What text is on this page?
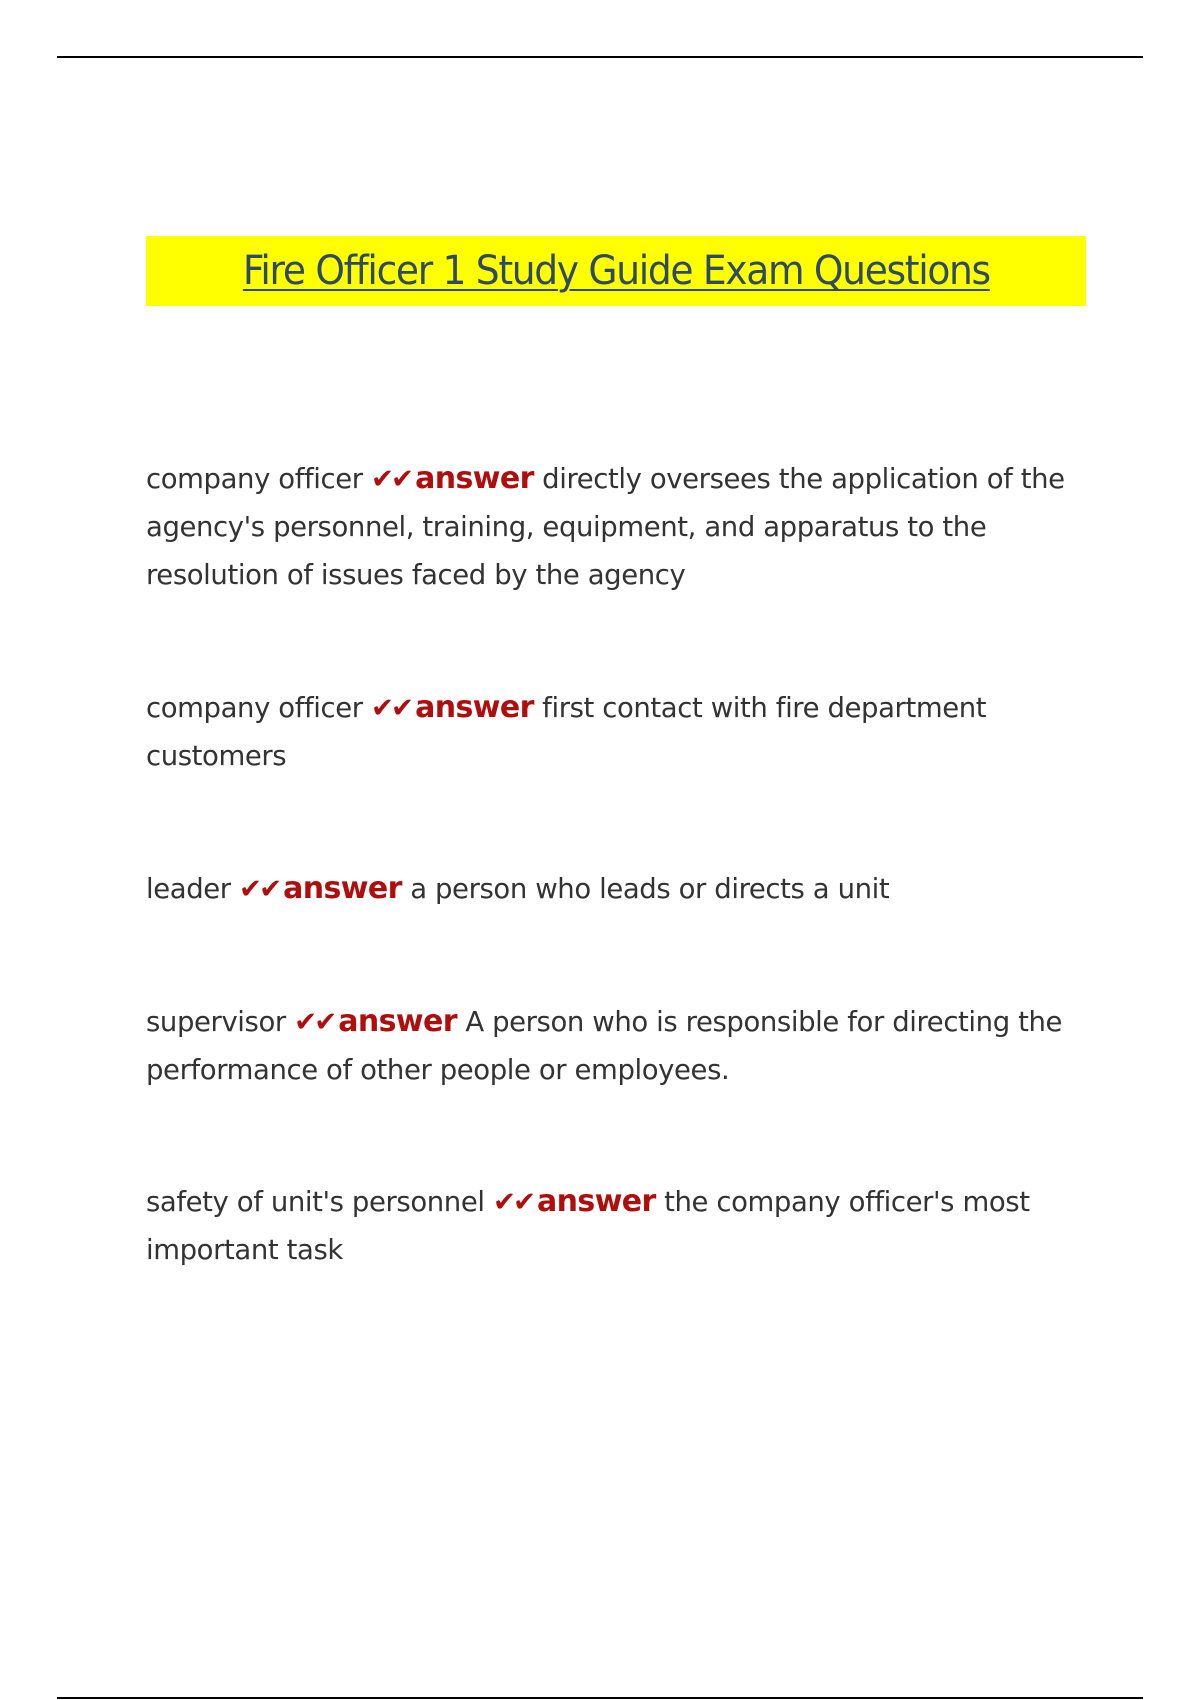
Fire Officer 1 Study Guide Exam Questions
company officer ✔✔ answer directly oversees the application of the agency's personnel, training, equipment, and apparatus to the resolution of issues faced by the agency
company officer ✔✔ answer first contact with fire department customers
leader ✔✔ answer a person who leads or directs a unit
supervisor ✔✔ answer A person who is responsible for directing the performance of other people or employees.
safety of unit's personnel ✔✔ answer the company officer's most important task
